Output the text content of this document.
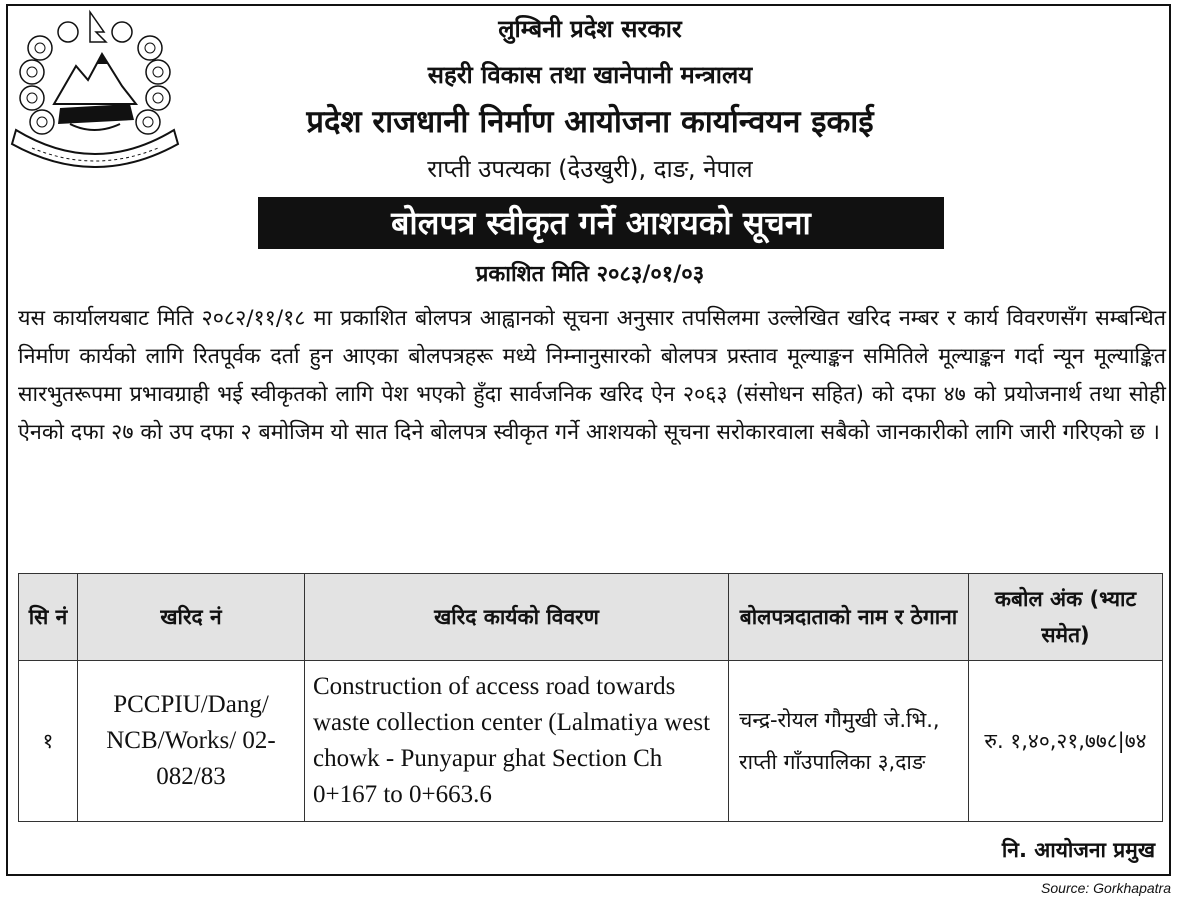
लुम्बिनी प्रदेश सरकार
सहरी विकास तथा खानेपानी मन्त्रालय
प्रदेश राजधानी निर्माण आयोजना कार्यान्वयन इकाई
राप्ती उपत्यका (देउखुरी), दाङ, नेपाल
बोलपत्र स्वीकृत गर्ने आशयको सूचना
प्रकाशित मिति २०८३/०१/०३
यस कार्यालयबाट मिति २०८२/११/१८ मा प्रकाशित बोलपत्र आह्वानको सूचना अनुसार तपसिलमा उल्लेखित खरिद नम्बर र कार्य विवरणसँग सम्बन्धित निर्माण कार्यको लागि रितपूर्वक दर्ता हुन आएका बोलपत्रहरू मध्ये निम्नानुसारको बोलपत्र प्रस्ताव मूल्याङ्कन समितिले मूल्याङ्कन गर्दा न्यून मूल्याङ्कित सारभुतरूपमा प्रभावग्राही भई स्वीकृतको लागि पेश भएको हुँदा सार्वजनिक खरिद ऐन २०६३ (संसोधन सहित) को दफा ४७ को प्रयोजनार्थ तथा सोही ऐनको दफा २७ को उप दफा २ बमोजिम यो सात दिने बोलपत्र स्वीकृत गर्ने आशयको सूचना सरोकारवाला सबैको जानकारीको लागि जारी गरिएको छ ।
सि नं	खरिद नं	खरिद कार्यको विवरण	बोलपत्रदाताको नाम र ठेगाना	कबोल अंक (भ्याट समेत)
१	PCCPIU/Dang/ NCB/Works/ 02-082/83	Construction of access road towards waste collection center (Lalmatiya west chowk - Punyapur ghat Section Ch 0+167 to 0+663.6	चन्द्र-रोयल गौमुखी जे.भि., राप्ती गाँउपालिका ३,दाङ	रु. १,४०,२१,७७८|७४
नि. आयोजना प्रमुख
Source: Gorkhapatra
